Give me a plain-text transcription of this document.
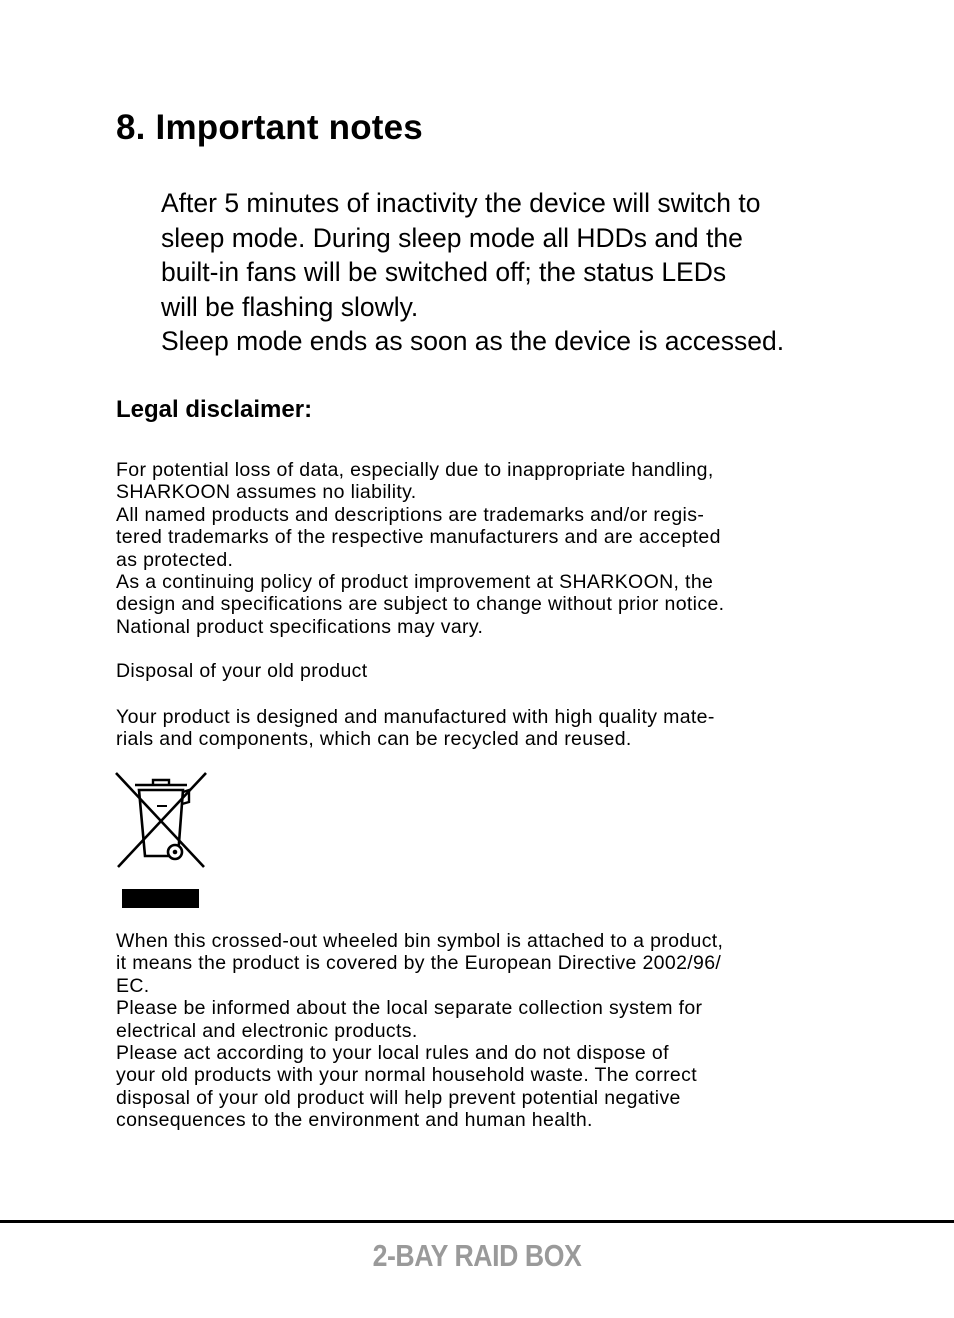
8. Important notes

After 5 minutes of inactivity the device will switch to

sleep mode. During sleep mode all HDDs and the

built-in fans will be switched off; the status LEDs

will be flashing slowly.

Sleep mode ends as soon as the device is accessed.

Legal disclaimer:

For potential loss of data, especially due to inappropriate handling,

SHARKOON assumes no liability.

All named products and descriptions are trademarks and/or regis-

tered trademarks of the respective manufacturers and are accepted

as protected.

As a continuing policy of product improvement at SHARKOON, the

design and specifications are subject to change without prior notice.

National product specifications may vary.

Disposal of your old product

Your product is designed and manufactured with high quality mate-

rials and components, which can be recycled and reused.

When this crossed-out wheeled bin symbol is attached to a product,

it means the product is covered by the European Directive 2002/96/

EC.

Please be informed about the local separate collection system for

electrical and electronic products.

Please act according to your local rules and do not dispose of

your old products with your normal household waste. The correct

disposal of your old product will help prevent potential negative

consequences to the environment and human health.

2-BAY RAID BOX
